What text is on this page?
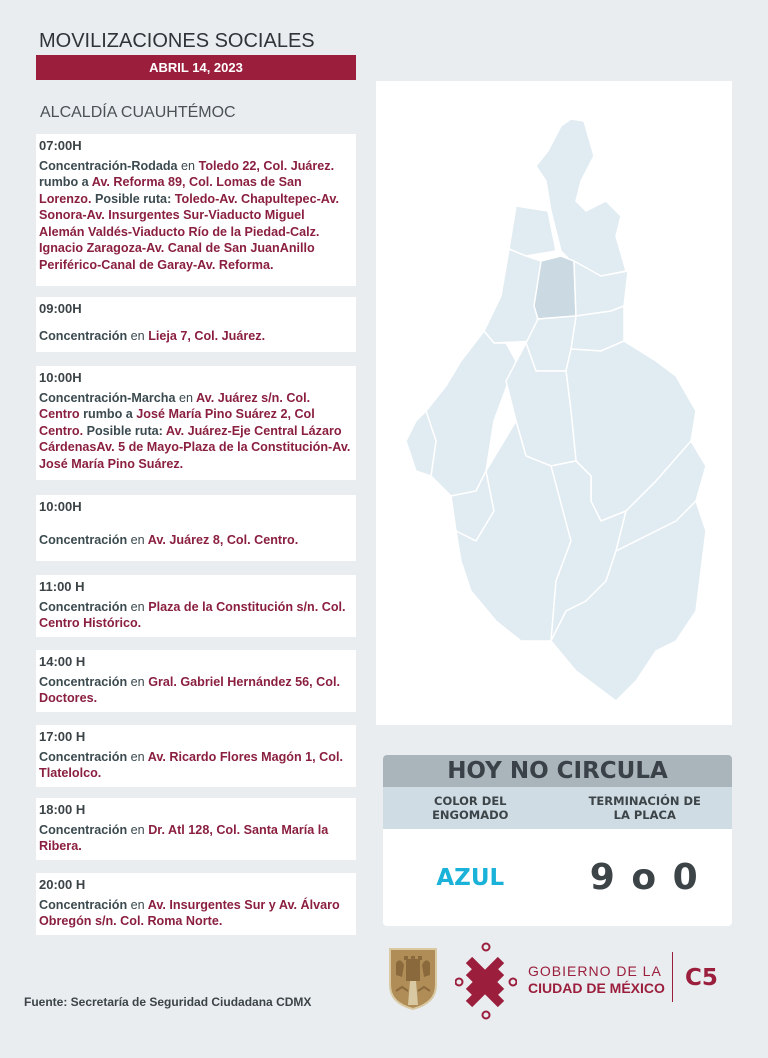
MOVILIZACIONES SOCIALES
ABRIL 14, 2023
ALCALDÍA CUAUHTÉMOC
07:00H
Concentración-Rodada en Toledo 22, Col. Juárez. rumbo a Av. Reforma 89, Col. Lomas de San Lorenzo. Posible ruta: Toledo-Av. Chapultepec-Av. Sonora-Av. Insurgentes Sur-Viaducto Miguel Alemán Valdés-Viaducto Río de la Piedad-Calz. Ignacio Zaragoza-Av. Canal de San JuanAnillo Periférico-Canal de Garay-Av. Reforma.
09:00H
Concentración en Lieja 7, Col. Juárez.
10:00H
Concentración-Marcha en Av. Juárez s/n. Col. Centro rumbo a José María Pino Suárez 2, Col Centro. Posible ruta: Av. Juárez-Eje Central Lázaro CárdenasAv. 5 de Mayo-Plaza de la Constitución-Av. José María Pino Suárez.
10:00H
Concentración en Av. Juárez 8, Col. Centro.
11:00 H
Concentración en Plaza de la Constitución s/n. Col. Centro Histórico.
14:00 H
Concentración en Gral. Gabriel Hernández 56, Col. Doctores.
17:00 H
Concentración en Av. Ricardo Flores Magón 1, Col. Tlatelolco.
18:00 H
Concentración en Dr. Atl 128, Col. Santa María la Ribera.
20:00 H
Concentración en Av. Insurgentes Sur y Av. Álvaro Obregón s/n. Col. Roma Norte.
HOY NO CIRCULA
COLOR DEL ENGOMADO
TERMINACIÓN DE LA PLACA
AZUL	9 o 0
Fuente: Secretaría de Seguridad Ciudadana CDMX
GOBIERNO DE LA
CIUDAD DE MÉXICO C5
